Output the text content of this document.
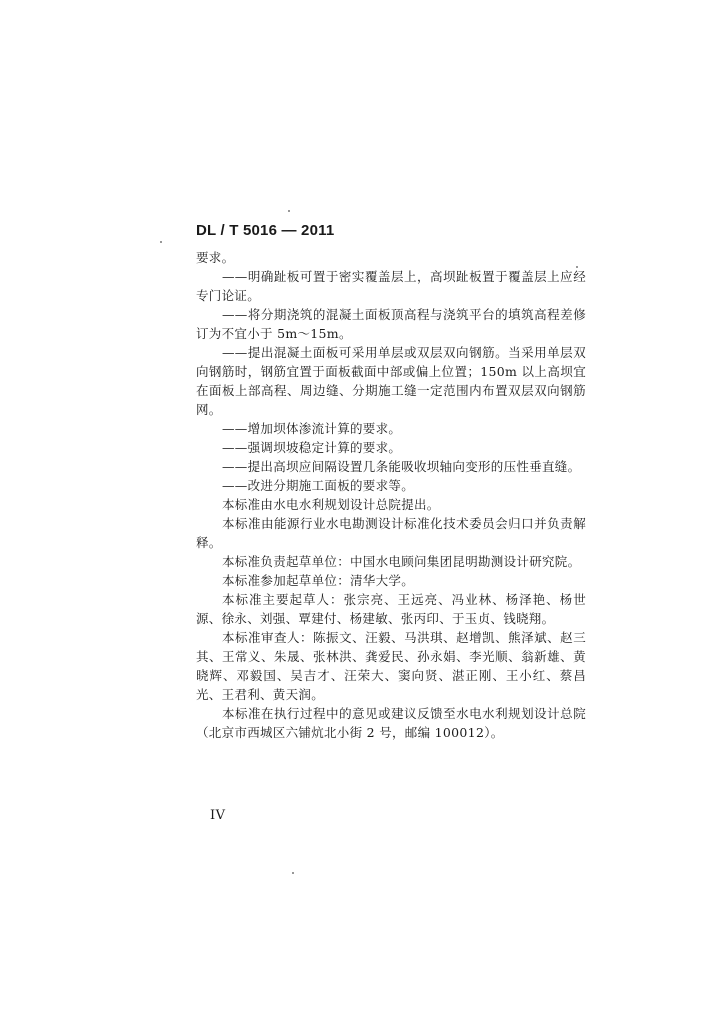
DL / T 5016 — 2011

要求。

——明确趾板可置于密实覆盖层上，高坝趾板置于覆盖层上应经专门论证。

——将分期浇筑的混凝土面板顶高程与浇筑平台的填筑高程差修订为不宜小于 5m～15m。

——提出混凝土面板可采用单层或双层双向钢筋。当采用单层双向钢筋时，钢筋宜置于面板截面中部或偏上位置；150m 以上高坝宜在面板上部高程、周边缝、分期施工缝一定范围内布置双层双向钢筋网。

——增加坝体渗流计算的要求。

——强调坝坡稳定计算的要求。

——提出高坝应间隔设置几条能吸收坝轴向变形的压性垂直缝。

——改进分期施工面板的要求等。

本标准由水电水利规划设计总院提出。

本标准由能源行业水电勘测设计标准化技术委员会归口并负责解释。

本标准负责起草单位：中国水电顾问集团昆明勘测设计研究院。

本标准参加起草单位：清华大学。

本标准主要起草人：张宗亮、王远亮、冯业林、杨泽艳、杨世源、徐永、刘强、覃建付、杨建敏、张丙印、于玉贞、钱晓翔。

本标准审查人：陈振文、汪毅、马洪琪、赵增凯、熊泽斌、赵三其、王常义、朱晟、张林洪、龚爱民、孙永娟、李光顺、翁新雄、黄晓辉、邓毅国、吴吉才、汪荣大、窦向贤、湛正刚、王小红、蔡昌光、王君利、黄天润。

本标准在执行过程中的意见或建议反馈至水电水利规划设计总院（北京市西城区六铺炕北小街 2 号，邮编 100012）。

IV
